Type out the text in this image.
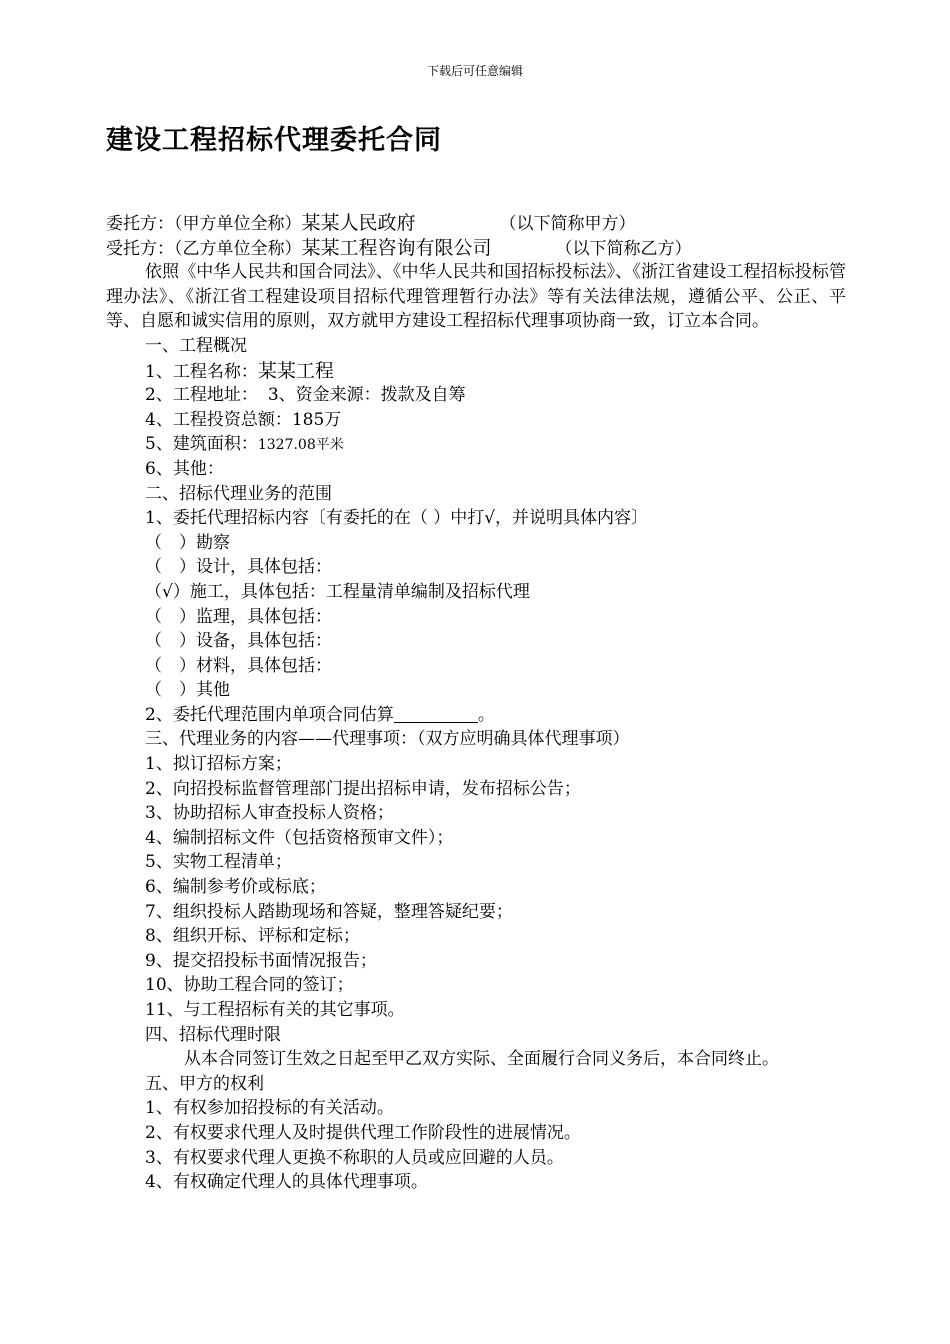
下载后可任意编辑
建设工程招标代理委托合同
委托方：（甲方单位全称）某某人民政府	（以下简称甲方）
受托方：（乙方单位全称）某某工程咨询有限公司	（以下简称乙方）
依照《中华人民共和国合同法》、《中华人民共和国招标投标法》、《浙江省建设工程招标投标管理办法》、《浙江省工程建设项目招标代理管理暂行办法》等有关法律法规，遵循公平、公正、平等、自愿和诚实信用的原则，双方就甲方建设工程招标代理事项协商一致，订立本合同。
一、工程概况
1、工程名称：某某工程
2、工程地址： 3、资金来源：拨款及自筹
4、工程投资总额：185万
5、建筑面积：1327.08平米
6、其他：
二、招标代理业务的范围
1、委托代理招标内容〔有委托的在（ ）中打√，并说明具体内容〕
（　）勘察
（　）设计，具体包括：
（√）施工，具体包括：工程量清单编制及招标代理
（　）监理，具体包括：
（　）设备，具体包括：
（　）材料，具体包括：
（　）其他
2、委托代理范围内单项合同估算	。
三、代理业务的内容——代理事项：（双方应明确具体代理事项）
1、拟订招标方案；
2、向招投标监督管理部门提出招标申请，发布招标公告；
3、协助招标人审查投标人资格；
4、编制招标文件（包括资格预审文件）；
5、实物工程清单；
6、编制参考价或标底；
7、组织投标人踏勘现场和答疑，整理答疑纪要；
8、组织开标、评标和定标；
9、提交招投标书面情况报告；
10、协助工程合同的签订；
11、与工程招标有关的其它事项。
四、招标代理时限
从本合同签订生效之日起至甲乙双方实际、全面履行合同义务后，本合同终止。
五、甲方的权利
1、有权参加招投标的有关活动。
2、有权要求代理人及时提供代理工作阶段性的进展情况。
3、有权要求代理人更换不称职的人员或应回避的人员。
4、有权确定代理人的具体代理事项。
